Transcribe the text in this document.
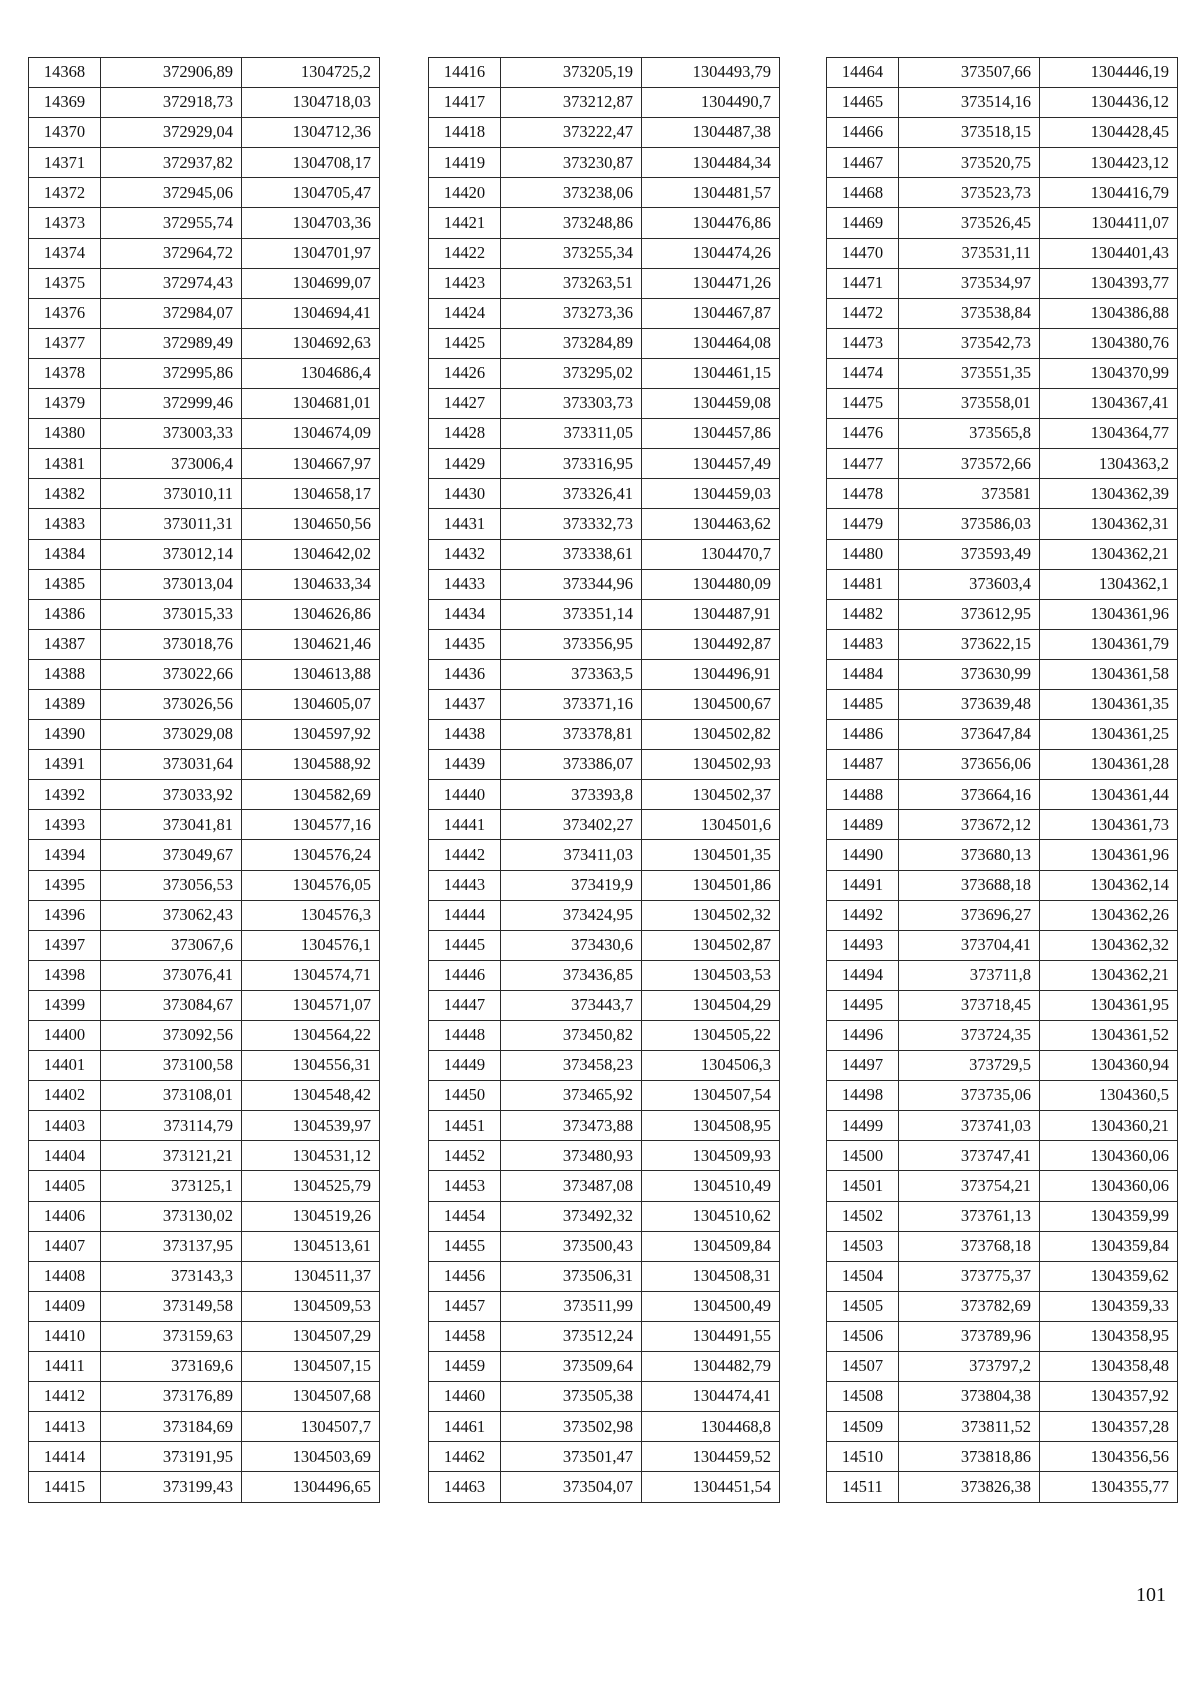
14368	372906,89	1304725,2
14369	372918,73	1304718,03
14370	372929,04	1304712,36
14371	372937,82	1304708,17
14372	372945,06	1304705,47
14373	372955,74	1304703,36
14374	372964,72	1304701,97
14375	372974,43	1304699,07
14376	372984,07	1304694,41
14377	372989,49	1304692,63
14378	372995,86	1304686,4
14379	372999,46	1304681,01
14380	373003,33	1304674,09
14381	373006,4	1304667,97
14382	373010,11	1304658,17
14383	373011,31	1304650,56
14384	373012,14	1304642,02
14385	373013,04	1304633,34
14386	373015,33	1304626,86
14387	373018,76	1304621,46
14388	373022,66	1304613,88
14389	373026,56	1304605,07
14390	373029,08	1304597,92
14391	373031,64	1304588,92
14392	373033,92	1304582,69
14393	373041,81	1304577,16
14394	373049,67	1304576,24
14395	373056,53	1304576,05
14396	373062,43	1304576,3
14397	373067,6	1304576,1
14398	373076,41	1304574,71
14399	373084,67	1304571,07
14400	373092,56	1304564,22
14401	373100,58	1304556,31
14402	373108,01	1304548,42
14403	373114,79	1304539,97
14404	373121,21	1304531,12
14405	373125,1	1304525,79
14406	373130,02	1304519,26
14407	373137,95	1304513,61
14408	373143,3	1304511,37
14409	373149,58	1304509,53
14410	373159,63	1304507,29
14411	373169,6	1304507,15
14412	373176,89	1304507,68
14413	373184,69	1304507,7
14414	373191,95	1304503,69
14415	373199,43	1304496,65
14416	373205,19	1304493,79
14417	373212,87	1304490,7
14418	373222,47	1304487,38
14419	373230,87	1304484,34
14420	373238,06	1304481,57
14421	373248,86	1304476,86
14422	373255,34	1304474,26
14423	373263,51	1304471,26
14424	373273,36	1304467,87
14425	373284,89	1304464,08
14426	373295,02	1304461,15
14427	373303,73	1304459,08
14428	373311,05	1304457,86
14429	373316,95	1304457,49
14430	373326,41	1304459,03
14431	373332,73	1304463,62
14432	373338,61	1304470,7
14433	373344,96	1304480,09
14434	373351,14	1304487,91
14435	373356,95	1304492,87
14436	373363,5	1304496,91
14437	373371,16	1304500,67
14438	373378,81	1304502,82
14439	373386,07	1304502,93
14440	373393,8	1304502,37
14441	373402,27	1304501,6
14442	373411,03	1304501,35
14443	373419,9	1304501,86
14444	373424,95	1304502,32
14445	373430,6	1304502,87
14446	373436,85	1304503,53
14447	373443,7	1304504,29
14448	373450,82	1304505,22
14449	373458,23	1304506,3
14450	373465,92	1304507,54
14451	373473,88	1304508,95
14452	373480,93	1304509,93
14453	373487,08	1304510,49
14454	373492,32	1304510,62
14455	373500,43	1304509,84
14456	373506,31	1304508,31
14457	373511,99	1304500,49
14458	373512,24	1304491,55
14459	373509,64	1304482,79
14460	373505,38	1304474,41
14461	373502,98	1304468,8
14462	373501,47	1304459,52
14463	373504,07	1304451,54
14464	373507,66	1304446,19
14465	373514,16	1304436,12
14466	373518,15	1304428,45
14467	373520,75	1304423,12
14468	373523,73	1304416,79
14469	373526,45	1304411,07
14470	373531,11	1304401,43
14471	373534,97	1304393,77
14472	373538,84	1304386,88
14473	373542,73	1304380,76
14474	373551,35	1304370,99
14475	373558,01	1304367,41
14476	373565,8	1304364,77
14477	373572,66	1304363,2
14478	373581	1304362,39
14479	373586,03	1304362,31
14480	373593,49	1304362,21
14481	373603,4	1304362,1
14482	373612,95	1304361,96
14483	373622,15	1304361,79
14484	373630,99	1304361,58
14485	373639,48	1304361,35
14486	373647,84	1304361,25
14487	373656,06	1304361,28
14488	373664,16	1304361,44
14489	373672,12	1304361,73
14490	373680,13	1304361,96
14491	373688,18	1304362,14
14492	373696,27	1304362,26
14493	373704,41	1304362,32
14494	373711,8	1304362,21
14495	373718,45	1304361,95
14496	373724,35	1304361,52
14497	373729,5	1304360,94
14498	373735,06	1304360,5
14499	373741,03	1304360,21
14500	373747,41	1304360,06
14501	373754,21	1304360,06
14502	373761,13	1304359,99
14503	373768,18	1304359,84
14504	373775,37	1304359,62
14505	373782,69	1304359,33
14506	373789,96	1304358,95
14507	373797,2	1304358,48
14508	373804,38	1304357,92
14509	373811,52	1304357,28
14510	373818,86	1304356,56
14511	373826,38	1304355,77
101
